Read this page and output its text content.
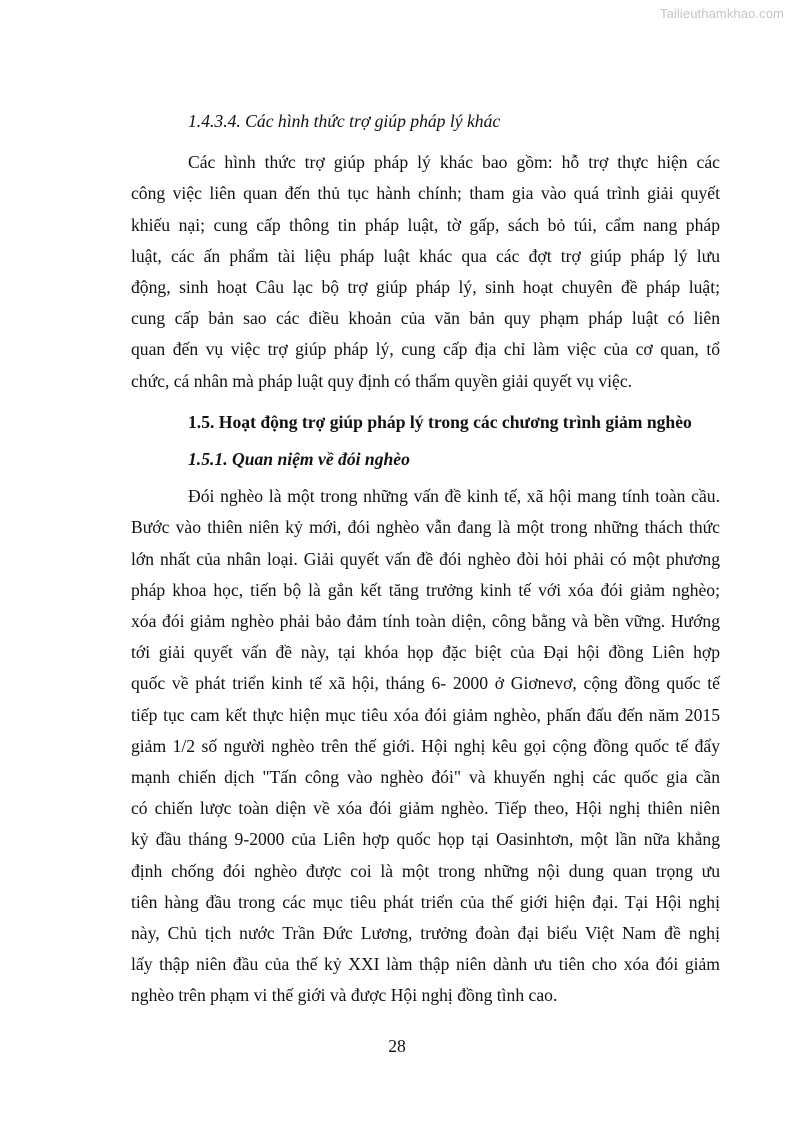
Tailieuthamkhao.com
1.4.3.4. Các hình thức trợ giúp pháp lý khác
Các hình thức trợ giúp pháp lý khác bao gồm: hỗ trợ thực hiện các
công việc liên quan đến thủ tục hành chính; tham gia vào quá trình giải quyết
khiếu nại; cung cấp thông tin pháp luật, tờ gấp, sách bỏ túi, cẩm nang pháp
luật, các ấn phẩm tài liệu pháp luật khác qua các đợt trợ giúp pháp lý lưu
động, sinh hoạt Câu lạc bộ trợ giúp pháp lý, sinh hoạt chuyên đề pháp luật;
cung cấp bản sao các điều khoản của văn bản quy phạm pháp luật có liên
quan đến vụ việc trợ giúp pháp lý, cung cấp địa chỉ làm việc của cơ quan, tổ
chức, cá nhân mà pháp luật quy định có thẩm quyền giải quyết vụ việc.
1.5. Hoạt động trợ giúp pháp lý trong các chương trình giảm nghèo
1.5.1. Quan niệm về đói nghèo
Đói nghèo là một trong những vấn đề kinh tế, xã hội mang tính toàn cầu.
Bước vào thiên niên kỷ mới, đói nghèo vẫn đang là một trong những thách thức
lớn nhất của nhân loại. Giải quyết vấn đề đói nghèo đòi hỏi phải có một phương
pháp khoa học, tiến bộ là gắn kết tăng trưởng kinh tế với xóa đói giảm nghèo;
xóa đói giảm nghèo phải bảo đảm tính toàn diện, công bằng và bền vững. Hướng
tới giải quyết vấn đề này, tại khóa họp đặc biệt của Đại hội đồng Liên hợp
quốc về phát triển kinh tế xã hội, tháng 6- 2000 ở Giơnevơ, cộng đồng quốc tế
tiếp tục cam kết thực hiện mục tiêu xóa đói giảm nghèo, phấn đấu đến năm 2015
giảm 1/2 số người nghèo trên thế giới. Hội nghị kêu gọi cộng đồng quốc tế đẩy
mạnh chiến dịch "Tấn công vào nghèo đói" và khuyến nghị các quốc gia cần
có chiến lược toàn diện về xóa đói giảm nghèo. Tiếp theo, Hội nghị thiên niên
kỷ đầu tháng 9-2000 của Liên hợp quốc họp tại Oasinhtơn, một lần nữa khẳng
định chống đói nghèo được coi là một trong những nội dung quan trọng ưu
tiên hàng đầu trong các mục tiêu phát triển của thế giới hiện đại. Tại Hội nghị
này, Chủ tịch nước Trần Đức Lương, trưởng đoàn đại biểu Việt Nam đề nghị
lấy thập niên đầu của thế kỷ XXI làm thập niên dành ưu tiên cho xóa đói giảm
nghèo trên phạm vi thế giới và được Hội nghị đồng tình cao.
28
